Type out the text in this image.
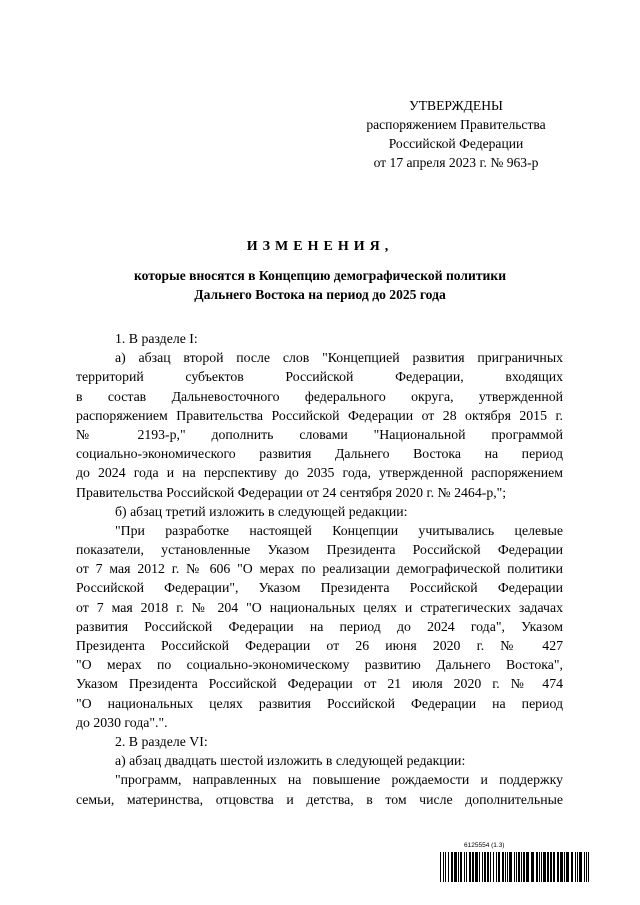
УТВЕРЖДЕНЫ
распоряжением Правительства
Российской Федерации
от 17 апреля 2023 г. № 963-р
ИЗМЕНЕНИЯ,
которые вносятся в Концепцию демографической политики
Дальнего Востока на период до 2025 года
1. В разделе I:
а) абзац второй после слов "Концепцией развития приграничных
территорий субъектов Российской Федерации, входящих
в состав Дальневосточного федерального округа, утвержденной
распоряжением Правительства Российской Федерации от 28 октября 2015 г.
№ 2193-р," дополнить словами "Национальной программой
социально-экономического развития Дальнего Востока на период
до 2024 года и на перспективу до 2035 года, утвержденной распоряжением
Правительства Российской Федерации от 24 сентября 2020 г. № 2464-р,";
б) абзац третий изложить в следующей редакции:
"При разработке настоящей Концепции учитывались целевые
показатели, установленные Указом Президента Российской Федерации
от 7 мая 2012 г. № 606 "О мерах по реализации демографической политики
Российской Федерации", Указом Президента Российской Федерации
от 7 мая 2018 г. № 204 "О национальных целях и стратегических задачах
развития Российской Федерации на период до 2024 года", Указом
Президента Российской Федерации от 26 июня 2020 г. № 427
"О мерах по социально-экономическому развитию Дальнего Востока",
Указом Президента Российской Федерации от 21 июля 2020 г. № 474
"О национальных целях развития Российской Федерации на период
до 2030 года".".
2. В разделе VI:
а) абзац двадцать шестой изложить в следующей редакции:
"программ, направленных на повышение рождаемости и поддержку
семьи, материнства, отцовства и детства, в том числе дополнительные
6125554 (1.3)
